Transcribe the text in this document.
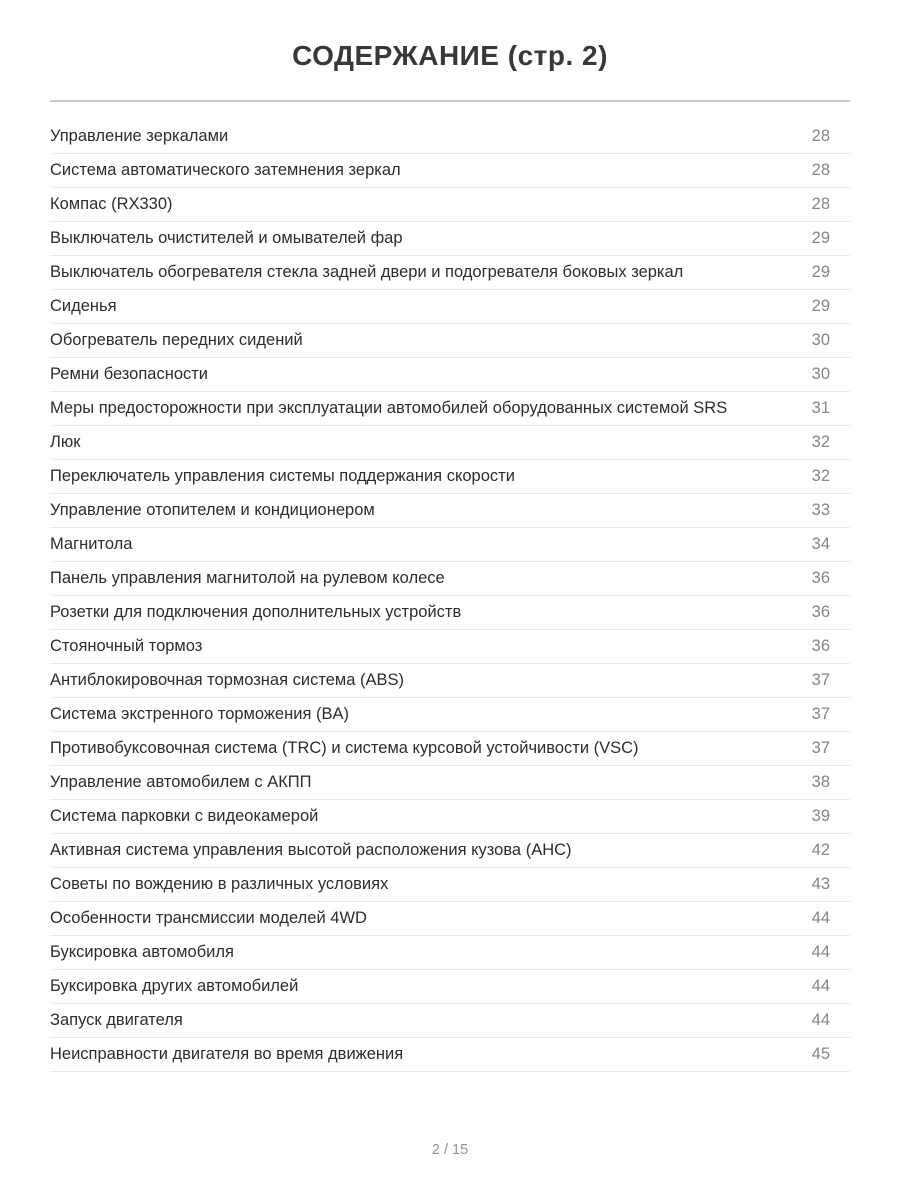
СОДЕРЖАНИЕ (стр. 2)
Управление зеркалами	28
Система автоматического затемнения зеркал	28
Компас (RX330)	28
Выключатель очистителей и омывателей фар	29
Выключатель обогревателя стекла задней двери и подогревателя боковых зеркал	29
Сиденья	29
Обогреватель передних сидений	30
Ремни безопасности	30
Меры предосторожности при эксплуатации автомобилей оборудованных системой SRS	31
Люк	32
Переключатель управления системы поддержания скорости	32
Управление отопителем и кондиционером	33
Магнитола	34
Панель управления магнитолой на рулевом колесе	36
Розетки для подключения дополнительных устройств	36
Стояночный тормоз	36
Антиблокировочная тормозная система (ABS)	37
Система экстренного торможения (BA)	37
Противобуксовочная система (TRC) и система курсовой устойчивости (VSC)	37
Управление автомобилем с АКПП	38
Система парковки с видеокамерой	39
Активная система управления высотой расположения кузова (AHC)	42
Советы по вождению в различных условиях	43
Особенности трансмиссии моделей 4WD	44
Буксировка автомобиля	44
Буксировка других автомобилей	44
Запуск двигателя	44
Неисправности двигателя во время движения	45
2 / 15
